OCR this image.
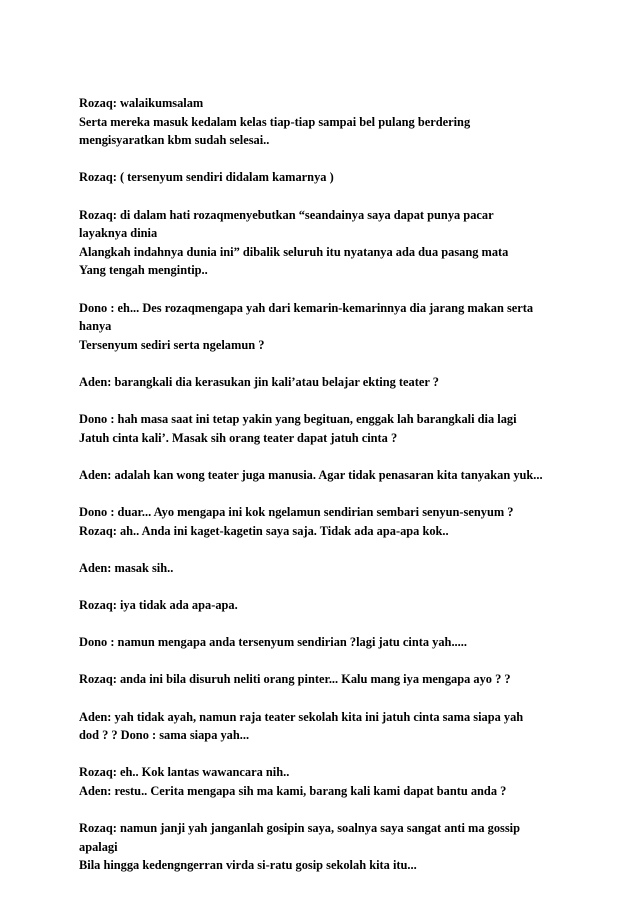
Rozaq: walaikumsalam
Serta mereka masuk kedalam kelas tiap-tiap sampai bel pulang berdering
mengisyaratkan kbm sudah selesai..

Rozaq: ( tersenyum sendiri didalam kamarnya )

Rozaq: di dalam hati rozaqmenyebutkan “seandainya saya dapat punya pacar
layaknya dinia
Alangkah indahnya dunia ini” dibalik seluruh itu nyatanya ada dua pasang mata
Yang tengah mengintip..

Dono : eh... Des rozaqmengapa yah dari kemarin-kemarinnya dia jarang makan serta
hanya
Tersenyum sediri serta ngelamun ?

Aden: barangkali dia kerasukan jin kali’atau belajar ekting teater ?

Dono : hah masa saat ini tetap yakin yang begituan, enggak lah barangkali dia lagi
Jatuh cinta kali’. Masak sih orang teater dapat jatuh cinta ?

Aden: adalah kan wong teater juga manusia. Agar tidak penasaran kita tanyakan yuk...

Dono : duar... Ayo mengapa ini kok ngelamun sendirian sembari senyun-senyum ?
Rozaq: ah.. Anda ini kaget-kagetin saya saja. Tidak ada apa-apa kok..

Aden: masak sih..

Rozaq: iya tidak ada apa-apa.

Dono : namun mengapa anda tersenyum sendirian ?lagi jatu cinta yah.....

Rozaq: anda ini bila disuruh neliti orang pinter... Kalu mang iya mengapa ayo ? ?

Aden: yah tidak ayah, namun raja teater sekolah kita ini jatuh cinta sama siapa yah
dod ? ? Dono : sama siapa yah...

Rozaq: eh.. Kok lantas wawancara nih..
Aden: restu.. Cerita mengapa sih ma kami, barang kali kami dapat bantu anda ?

Rozaq: namun janji yah janganlah gosipin saya, soalnya saya sangat anti ma gossip
apalagi
Bila hingga kedengngerran virda si-ratu gosip sekolah kita itu...
